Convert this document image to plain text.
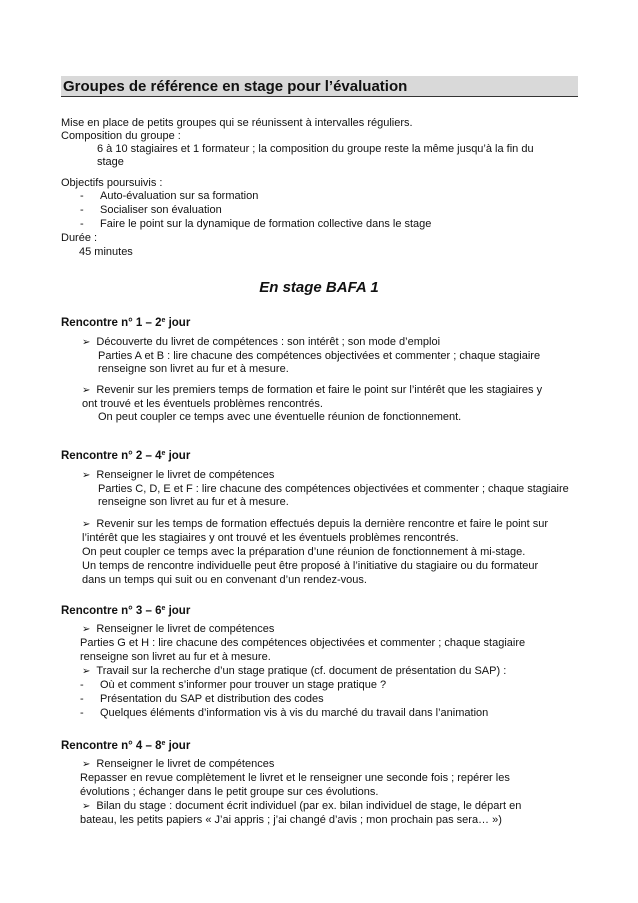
Groupes de référence en stage pour l’évaluation
Mise en place de petits groupes qui se réunissent à intervalles réguliers.
Composition du groupe :
6 à 10 stagiaires et 1 formateur ; la composition du groupe reste la même jusqu’à la fin du
stage
Objectifs poursuivis :
- Auto-évaluation sur sa formation
- Socialiser son évaluation
- Faire le point sur la dynamique de formation collective dans le stage
Durée :
45 minutes
En stage BAFA 1
Rencontre n° 1 – 2e jour
➢ Découverte du livret de compétences : son intérêt ; son mode d’emploi
Parties A et B : lire chacune des compétences objectivées et commenter ; chaque stagiaire
renseigne son livret au fur et à mesure.
➢ Revenir sur les premiers temps de formation et faire le point sur l’intérêt que les stagiaires y
ont trouvé et les éventuels problèmes rencontrés.
On peut coupler ce temps avec une éventuelle réunion de fonctionnement.
Rencontre n° 2 – 4e jour
➢ Renseigner le livret de compétences
Parties C, D, E et F : lire chacune des compétences objectivées et commenter ; chaque stagiaire
renseigne son livret au fur et à mesure.
➢ Revenir sur les temps de formation effectués depuis la dernière rencontre et faire le point sur
l’intérêt que les stagiaires y ont trouvé et les éventuels problèmes rencontrés.
On peut coupler ce temps avec la préparation d’une réunion de fonctionnement à mi-stage.
Un temps de rencontre individuelle peut être proposé à l’initiative du stagiaire ou du formateur
dans un temps qui suit ou en convenant d’un rendez-vous.
Rencontre n° 3 – 6e jour
➢ Renseigner le livret de compétences
Parties G et H : lire chacune des compétences objectivées et commenter ; chaque stagiaire
renseigne son livret au fur et à mesure.
➢ Travail sur la recherche d’un stage pratique (cf. document de présentation du SAP) :
- Où et comment s’informer pour trouver un stage pratique ?
- Présentation du SAP et distribution des codes
- Quelques éléments d’information vis à vis du marché du travail dans l’animation
Rencontre n° 4 – 8e jour
➢ Renseigner le livret de compétences
Repasser en revue complètement le livret et le renseigner une seconde fois ; repérer les
évolutions ; échanger dans le petit groupe sur ces évolutions.
➢ Bilan du stage : document écrit individuel (par ex. bilan individuel de stage, le départ en
bateau, les petits papiers « J’ai appris ; j’ai changé d’avis ; mon prochain pas sera… »)
